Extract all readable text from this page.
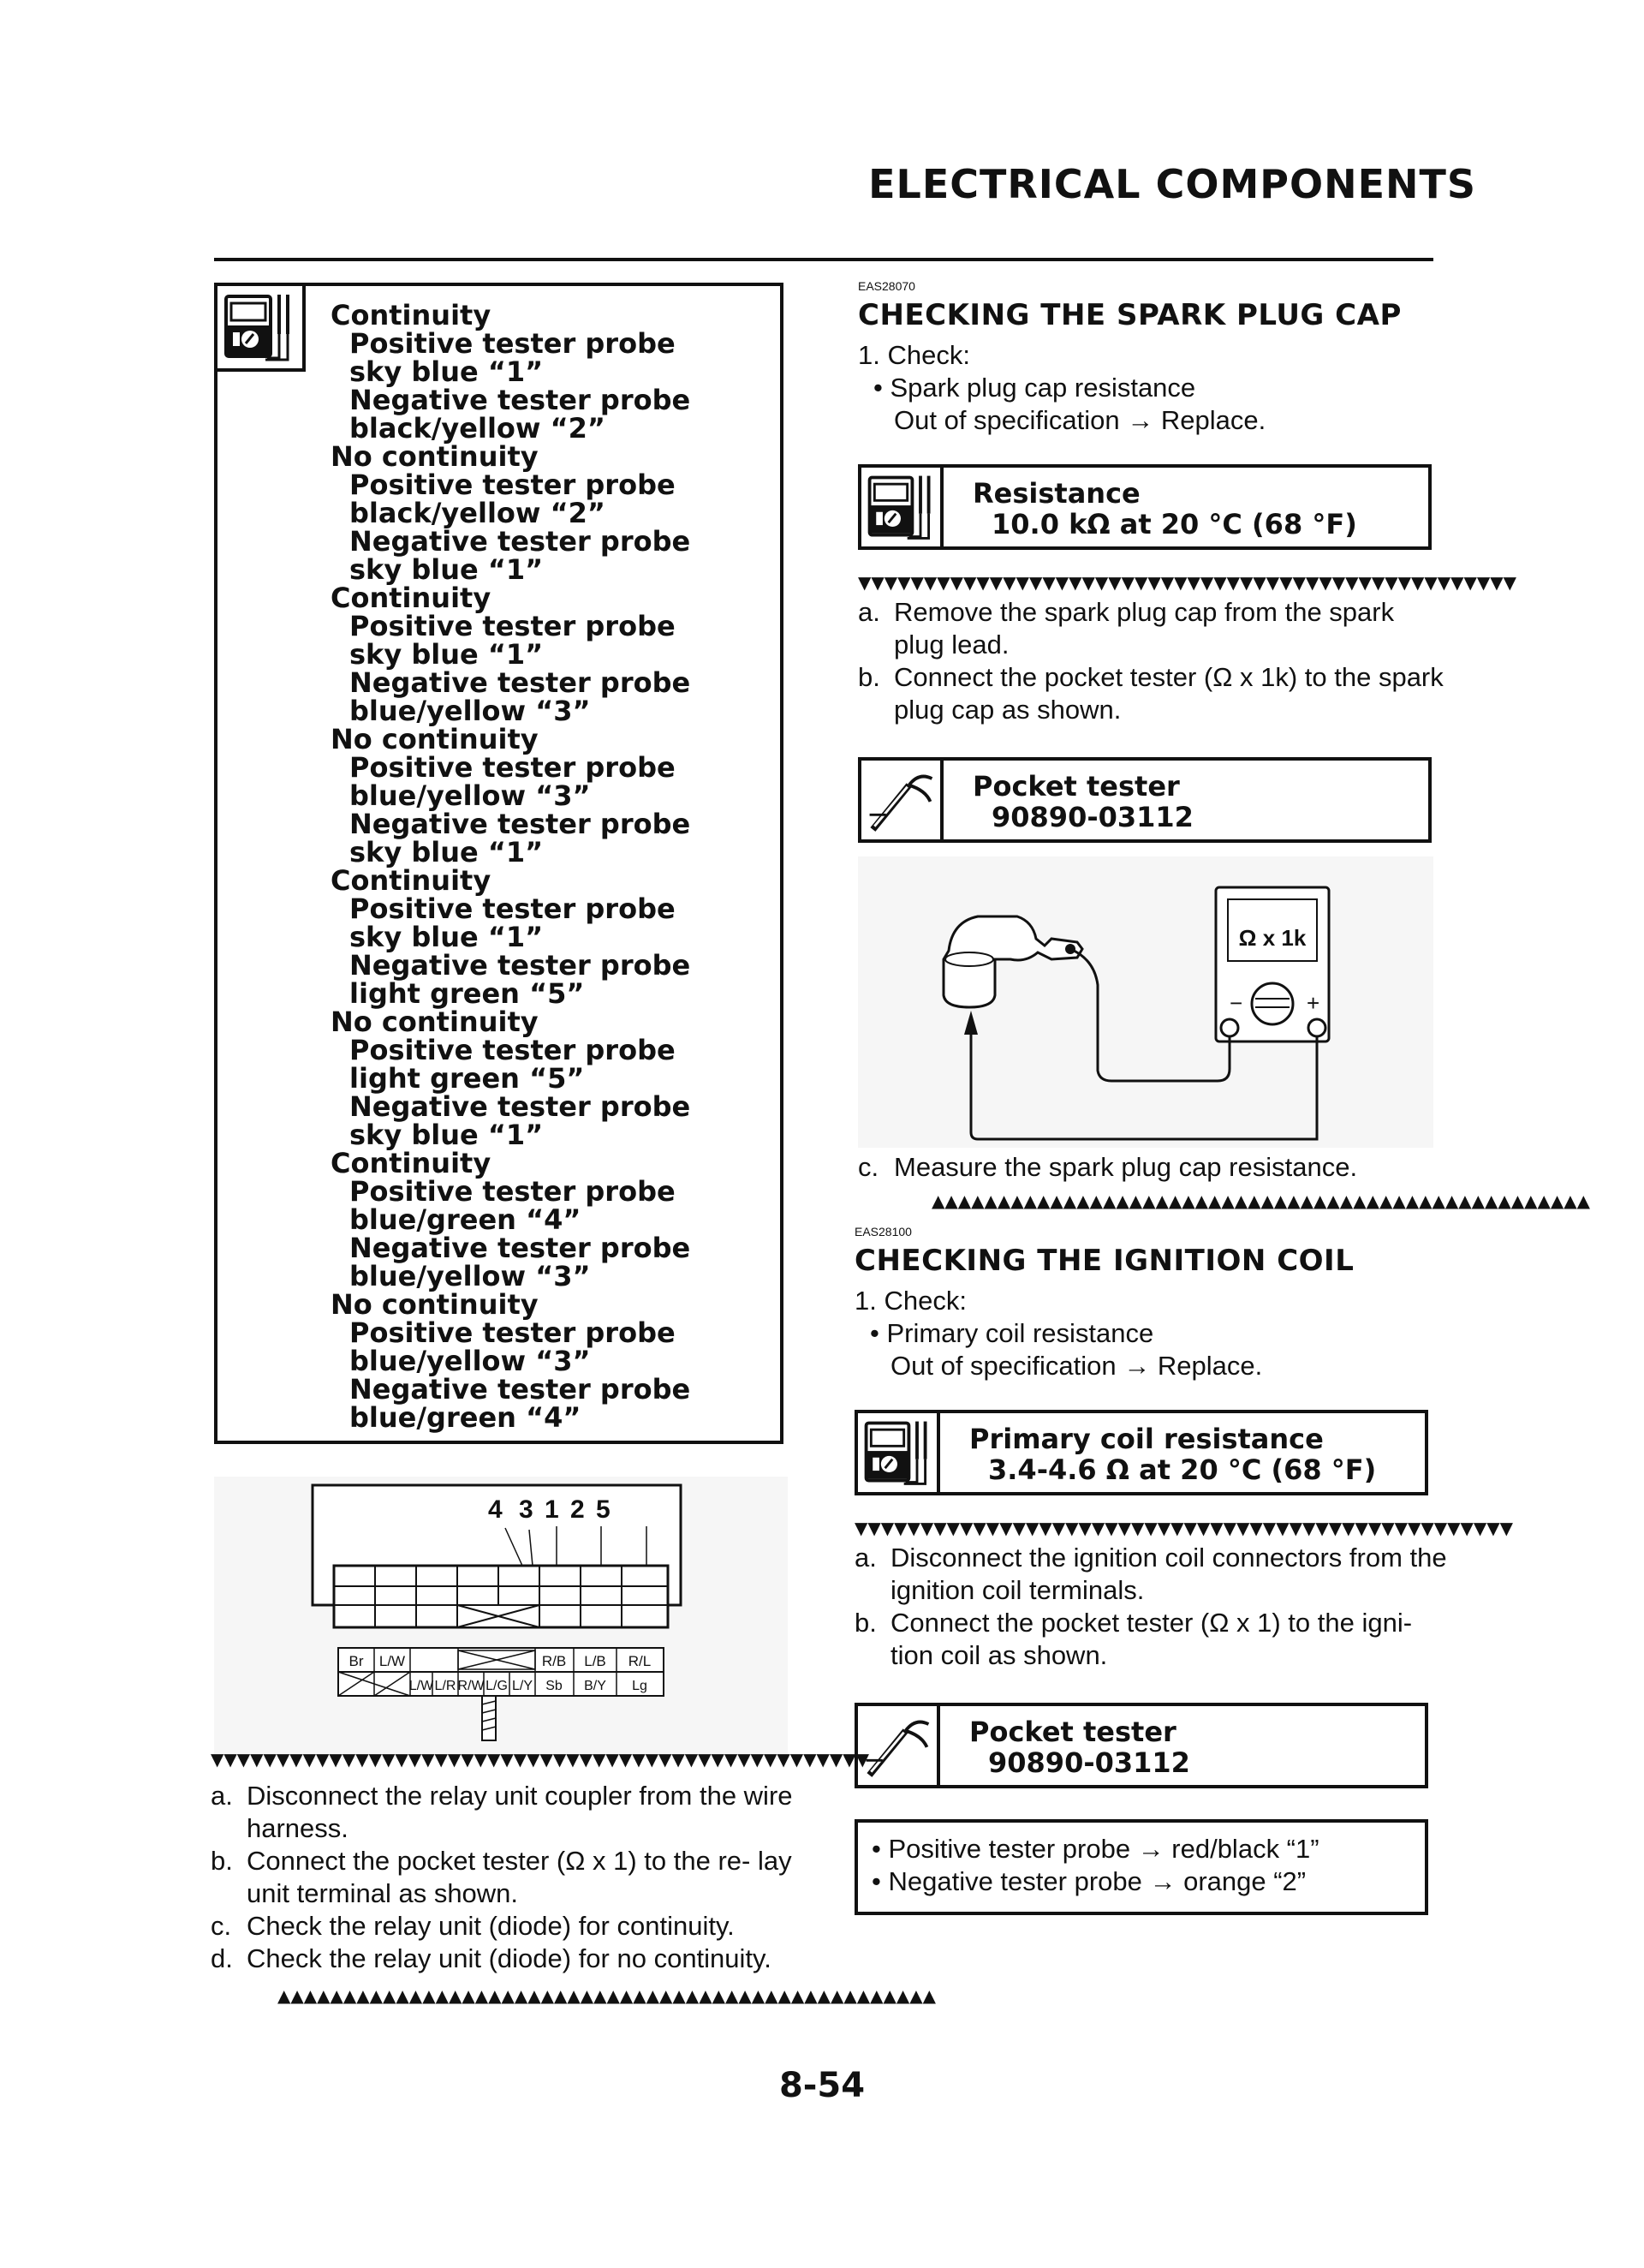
ELECTRICAL COMPONENTS
Continuity
Positive tester probe
sky blue “1”
Negative tester probe
black/yellow “2”
No continuity
Positive tester probe
black/yellow “2”
Negative tester probe
sky blue “1”
Continuity
Positive tester probe
sky blue “1”
Negative tester probe
blue/yellow “3”
No continuity
Positive tester probe
blue/yellow “3”
Negative tester probe
sky blue “1”
Continuity
Positive tester probe
sky blue “1”
Negative tester probe
light green “5”
No continuity
Positive tester probe
light green “5”
Negative tester probe
sky blue “1”
Continuity
Positive tester probe
blue/green “4”
Negative tester probe
blue/yellow “3”
No continuity
Positive tester probe
blue/yellow “3”
Negative tester probe
blue/green “4”
4 3 1 2 5
Br L/W	R/B L/B R/L
L/W L/R R/W L/G L/Y Sb B/Y Lg
▼▼▼▼▼▼▼▼▼▼▼▼▼▼▼▼▼▼▼▼▼▼▼▼▼▼▼▼▼▼▼▼▼▼▼▼▼▼▼▼▼▼▼▼▼▼▼▼▼▼
a. Disconnect the relay unit coupler from the wire harness.
b. Connect the pocket tester (Ω x 1) to the re- lay unit terminal as shown.
c. Check the relay unit (diode) for continuity.
d. Check the relay unit (diode) for no continuity.
▲▲▲▲▲▲▲▲▲▲▲▲▲▲▲▲▲▲▲▲▲▲▲▲▲▲▲▲▲▲▲▲▲▲▲▲▲▲▲▲▲▲▲▲▲▲▲▲▲▲
EAS28070
CHECKING THE SPARK PLUG CAP
1. Check:
• Spark plug cap resistance
Out of specification → Replace.
Resistance
10.0 kΩ at 20 °C (68 °F)
▼▼▼▼▼▼▼▼▼▼▼▼▼▼▼▼▼▼▼▼▼▼▼▼▼▼▼▼▼▼▼▼▼▼▼▼▼▼▼▼▼▼▼▼▼▼▼▼▼▼
a. Remove the spark plug cap from the spark plug lead.
b. Connect the pocket tester (Ω x 1k) to the spark plug cap as shown.
Pocket tester
90890-03112
Ω x 1k
−	+
c. Measure the spark plug cap resistance.
▲▲▲▲▲▲▲▲▲▲▲▲▲▲▲▲▲▲▲▲▲▲▲▲▲▲▲▲▲▲▲▲▲▲▲▲▲▲▲▲▲▲▲▲▲▲▲▲▲▲
EAS28100
CHECKING THE IGNITION COIL
1. Check:
• Primary coil resistance
Out of specification → Replace.
Primary coil resistance
3.4-4.6 Ω at 20 °C (68 °F)
▼▼▼▼▼▼▼▼▼▼▼▼▼▼▼▼▼▼▼▼▼▼▼▼▼▼▼▼▼▼▼▼▼▼▼▼▼▼▼▼▼▼▼▼▼▼▼▼▼▼
a. Disconnect the ignition coil connectors from the ignition coil terminals.
b. Connect the pocket tester (Ω x 1) to the igni- tion coil as shown.
Pocket tester
90890-03112
• Positive tester probe → red/black “1”
• Negative tester probe → orange “2”
8-54
